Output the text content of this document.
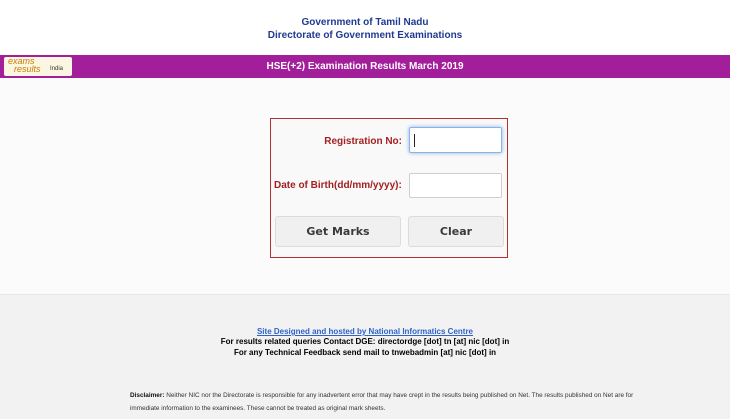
Government of Tamil Nadu
Directorate of Government Examinations
exams
results India	HSE(+2) Examination Results March 2019
Registration No:
Date of Birth(dd/mm/yyyy):
Get Marks	Clear
Site Designed and hosted by National Informatics Centre
For results related queries Contact DGE: directordge [dot] tn [at] nic [dot] in
For any Technical Feedback send mail to tnwebadmin [at] nic [dot] in
Disclaimer: Neither NIC nor the Directorate is responsible for any inadvertent error that may have crept in the results being published on Net. The results published on Net are for immediate information to the examinees. These cannot be treated as original mark sheets.
